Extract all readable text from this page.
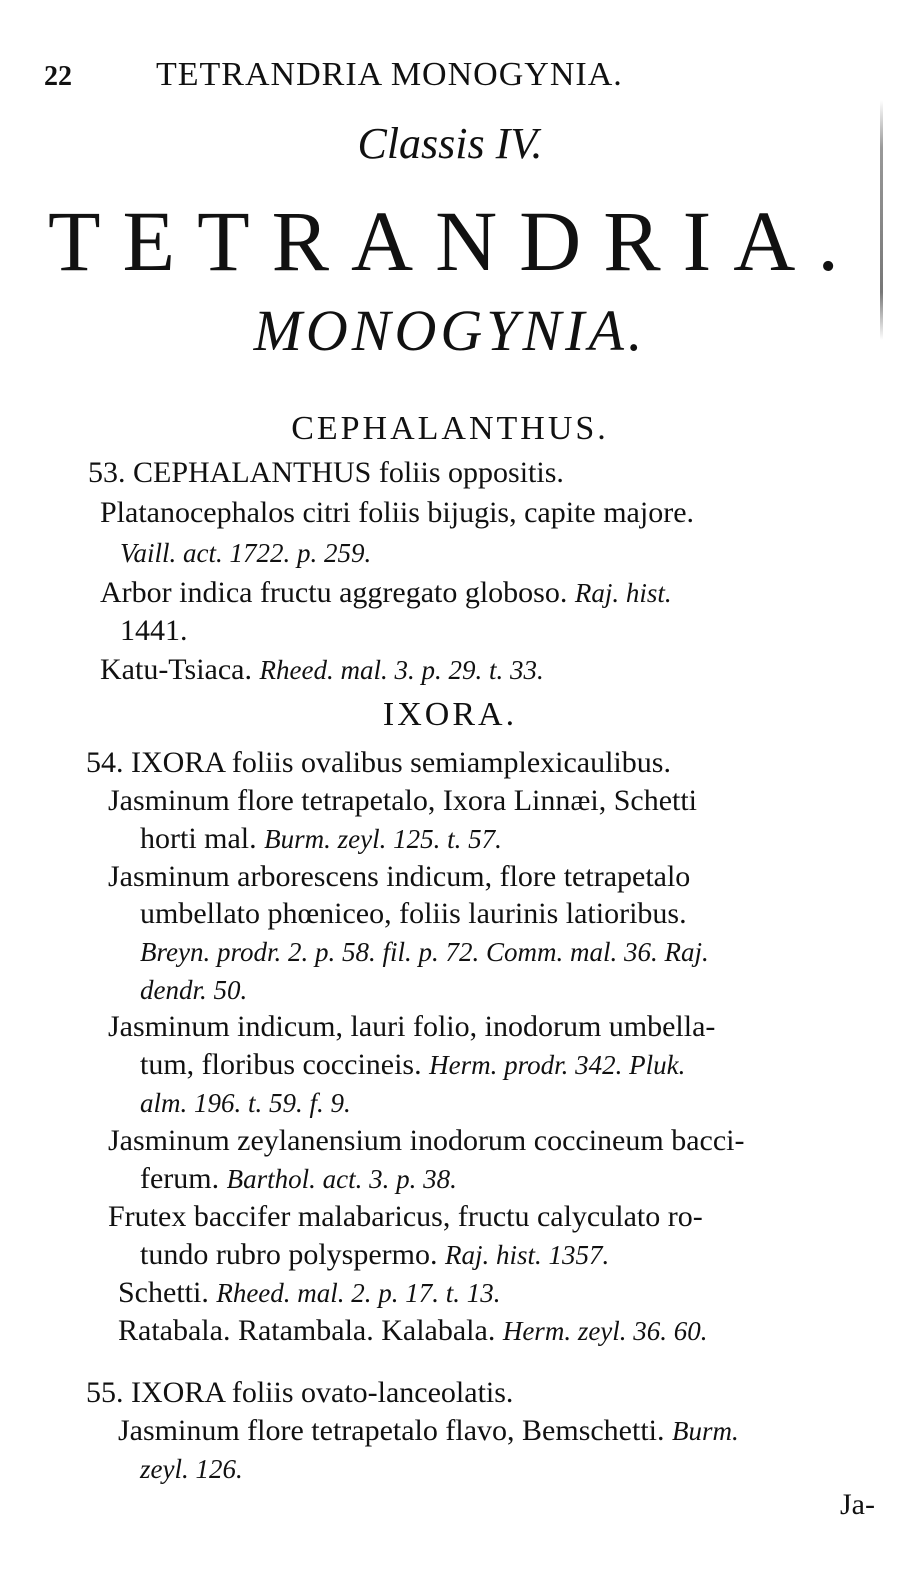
22 TETRANDRIA MONOGYNIA.
Classis IV.
TETRANDRIA.
MONOGYNIA.
CEPHALANTHUS.
53. CEPHALANTHUS foliis oppositis.
Platanocephalos citri foliis bijugis, capite majore.
Vaill. act. 1722. p. 259.
Arbor indica fructu aggregato globoso. Raj. hist.
1441.
Katu-Tsiaca. Rheed. mal. 3. p. 29. t. 33.
IXORA.
54. IXORA foliis ovalibus semiamplexicaulibus.
Jasminum flore tetrapetalo, Ixora Linnæi, Schetti
horti mal. Burm. zeyl. 125. t. 57.
Jasminum arborescens indicum, flore tetrapetalo
umbellato phœniceo, foliis laurinis latioribus.
Breyn. prodr. 2. p. 58. fil. p. 72. Comm. mal. 36. Raj.
dendr. 50.
Jasminum indicum, lauri folio, inodorum umbella-
tum, floribus coccineis. Herm. prodr. 342. Pluk.
alm. 196. t. 59. f. 9.
Jasminum zeylanensium inodorum coccineum bacci-
ferum. Barthol. act. 3. p. 38.
Frutex baccifer malabaricus, fructu calyculato ro-
tundo rubro polyspermo. Raj. hist. 1357.
Schetti. Rheed. mal. 2. p. 17. t. 13.
Ratabala. Ratambala. Kalabala. Herm. zeyl. 36. 60.
55. IXORA foliis ovato-lanceolatis.
Jasminum flore tetrapetalo flavo, Bemschetti. Burm.
zeyl. 126.
Ja-
